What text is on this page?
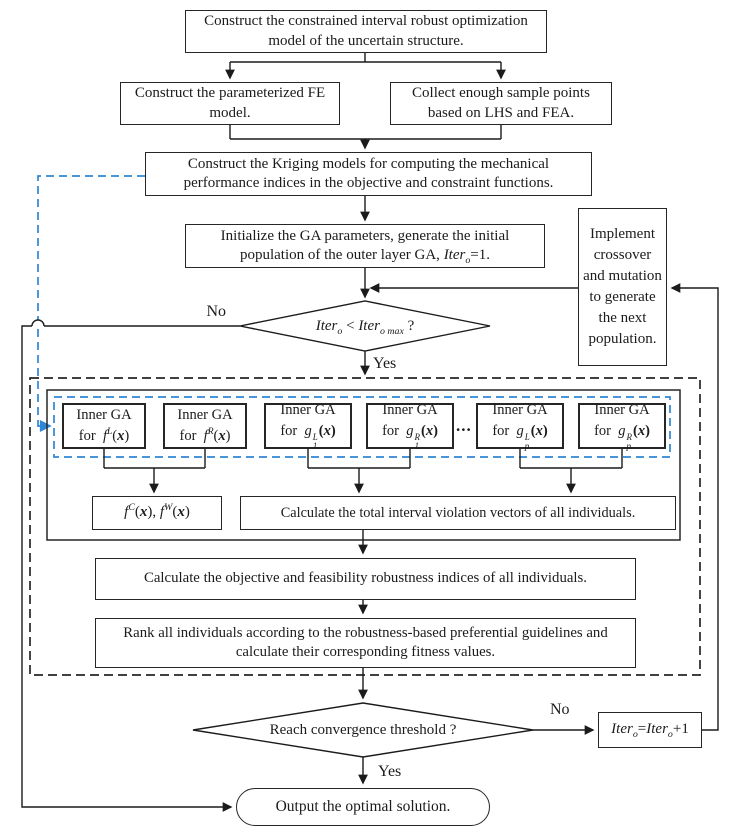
Construct the constrained interval robust optimization model of the uncertain structure.
Construct the parameterized FE model.
Collect enough sample points based on LHS and FEA.
Construct the Kriging models for computing the mechanical performance indices in the objective and constraint functions.
Initialize the GA parameters, generate the initial population of the outer layer GA, Iter$_o$=1.
Implement crossover and mutation to generate the next population.
Iter$_o$ < Iter$_{o max}$ ?
No
Yes
Inner GA
for  $f^L(x)$
Inner GA
for  $f^R(x)$
Inner GA
for  g L
1
(x)
Inner GA
for  g R
1
(x) ...
Inner GA
for  g L
p
(x)
Inner GA
for  g R
p
(x)
$f^C(x)$, $f^W(x)$	Calculate the total interval violation vectors of all individuals.
Calculate the objective and feasibility robustness indices of all individuals.
Rank all individuals according to the robustness-based preferential guidelines and calculate their corresponding fitness values.
Reach convergence threshold ?
No
Yes
Iter$_o$=Iter$_o$+1
Output the optimal solution.
